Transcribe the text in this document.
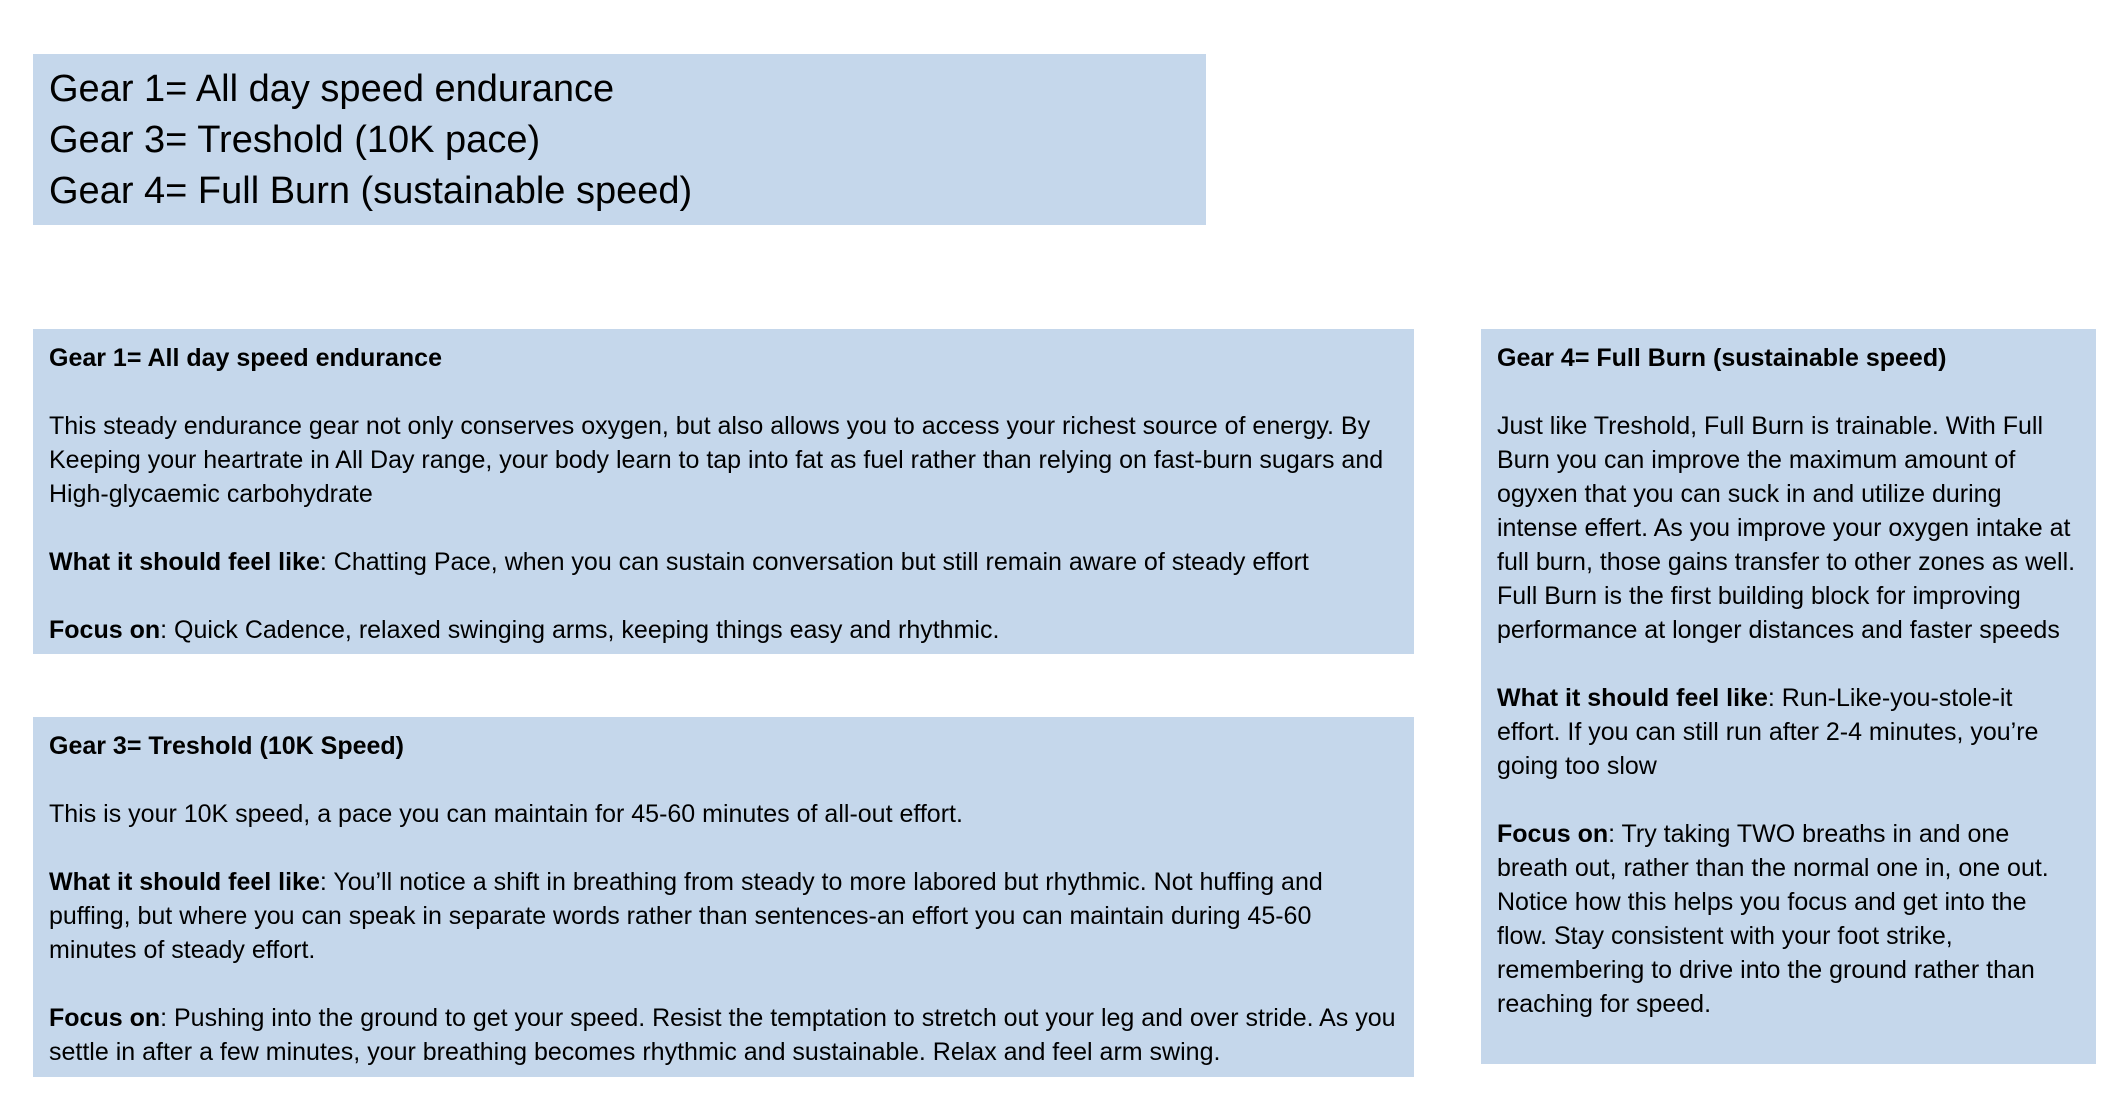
Gear 1= All day speed endurance
Gear 3= Treshold (10K pace)
Gear 4= Full Burn (sustainable speed)

Gear 1= All day speed endurance

This steady endurance gear not only conserves oxygen, but also allows you to access your richest source of energy. By Keeping your heartrate in All Day range, your body learn to tap into fat as fuel rather than relying on fast-burn sugars and High-glycaemic carbohydrate

What it should feel like: Chatting Pace, when you can sustain conversation but still remain aware of steady effort

Focus on: Quick Cadence, relaxed swinging arms, keeping things easy and rhythmic.

Gear 3= Treshold (10K Speed)

This is your 10K speed, a pace you can maintain for 45-60 minutes of all-out effort.

What it should feel like: You’ll notice a shift in breathing from steady to more labored but rhythmic. Not huffing and puffing, but where you can speak in separate words rather than sentences-an effort you can maintain during 45-60 minutes of steady effort.

Focus on: Pushing into the ground to get your speed. Resist the temptation to stretch out your leg and over stride. As you settle in after a few minutes, your breathing becomes rhythmic and sustainable. Relax and feel arm swing.

Gear 4= Full Burn (sustainable speed)

Just like Treshold, Full Burn is trainable. With Full Burn you can improve the maximum amount of ogyxen that you can suck in and utilize during intense effert. As you improve your oxygen intake at full burn, those gains transfer to other zones as well. Full Burn is the first building block for improving performance at longer distances and faster speeds

What it should feel like: Run-Like-you-stole-it effort. If you can still run after 2-4 minutes, you’re going too slow

Focus on: Try taking TWO breaths in and one breath out, rather than the normal one in, one out. Notice how this helps you focus and get into the flow. Stay consistent with your foot strike, remembering to drive into the ground rather than reaching for speed.
